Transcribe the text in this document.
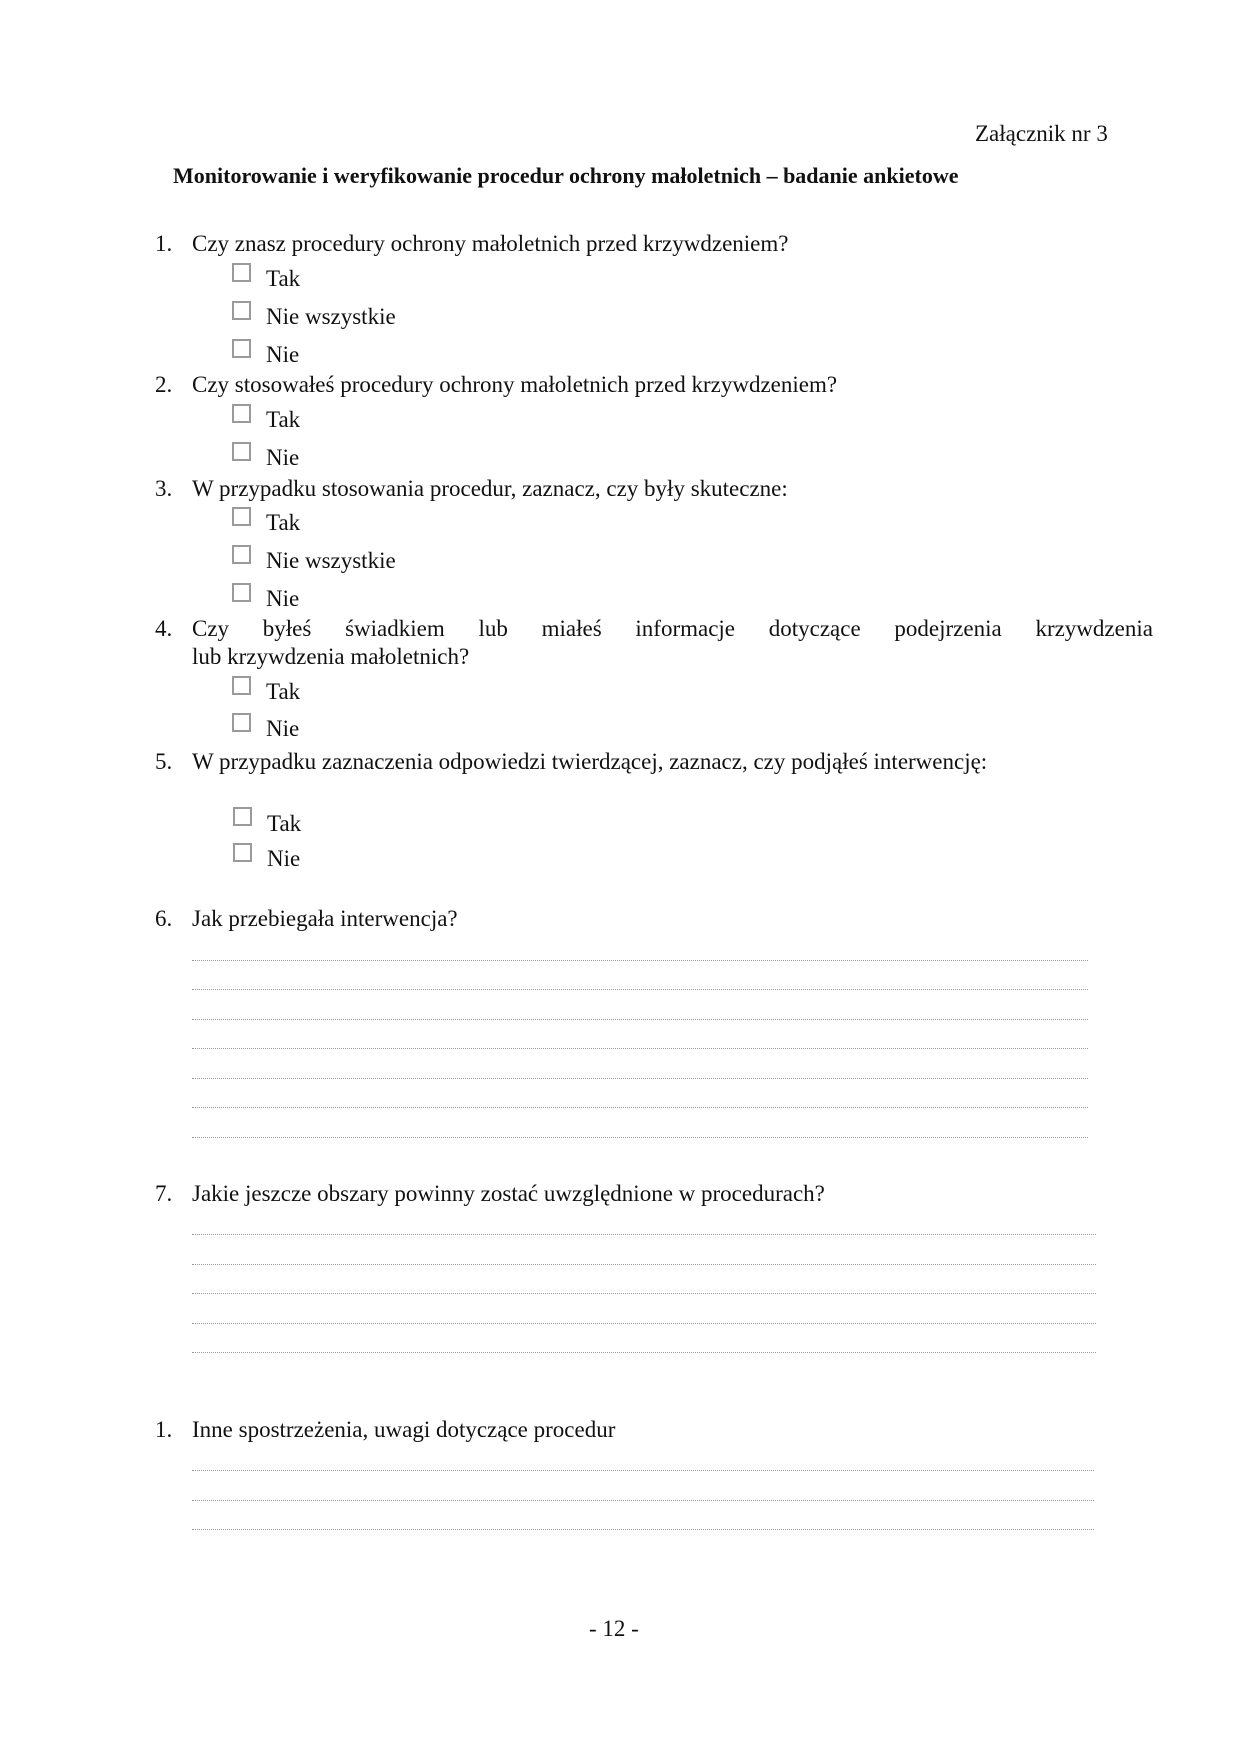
Załącznik nr 3
Monitorowanie i weryfikowanie procedur ochrony małoletnich – badanie ankietowe
1. Czy znasz procedury ochrony małoletnich przed krzywdzeniem?
Tak
Nie wszystkie
Nie
2. Czy stosowałeś procedury ochrony małoletnich przed krzywdzeniem?
Tak
Nie
3. W przypadku stosowania procedur, zaznacz, czy były skuteczne:
Tak
Nie wszystkie
Nie
4. Czy byłeś świadkiem lub miałeś informacje dotyczące podejrzenia krzywdzenia
lub krzywdzenia małoletnich?
Tak
Nie
5. W przypadku zaznaczenia odpowiedzi twierdzącej, zaznacz, czy podjąłeś interwencję:
Tak
Nie
6. Jak przebiegała interwencja?
7. Jakie jeszcze obszary powinny zostać uwzględnione w procedurach?
1. Inne spostrzeżenia, uwagi dotyczące procedur
- 12 -
